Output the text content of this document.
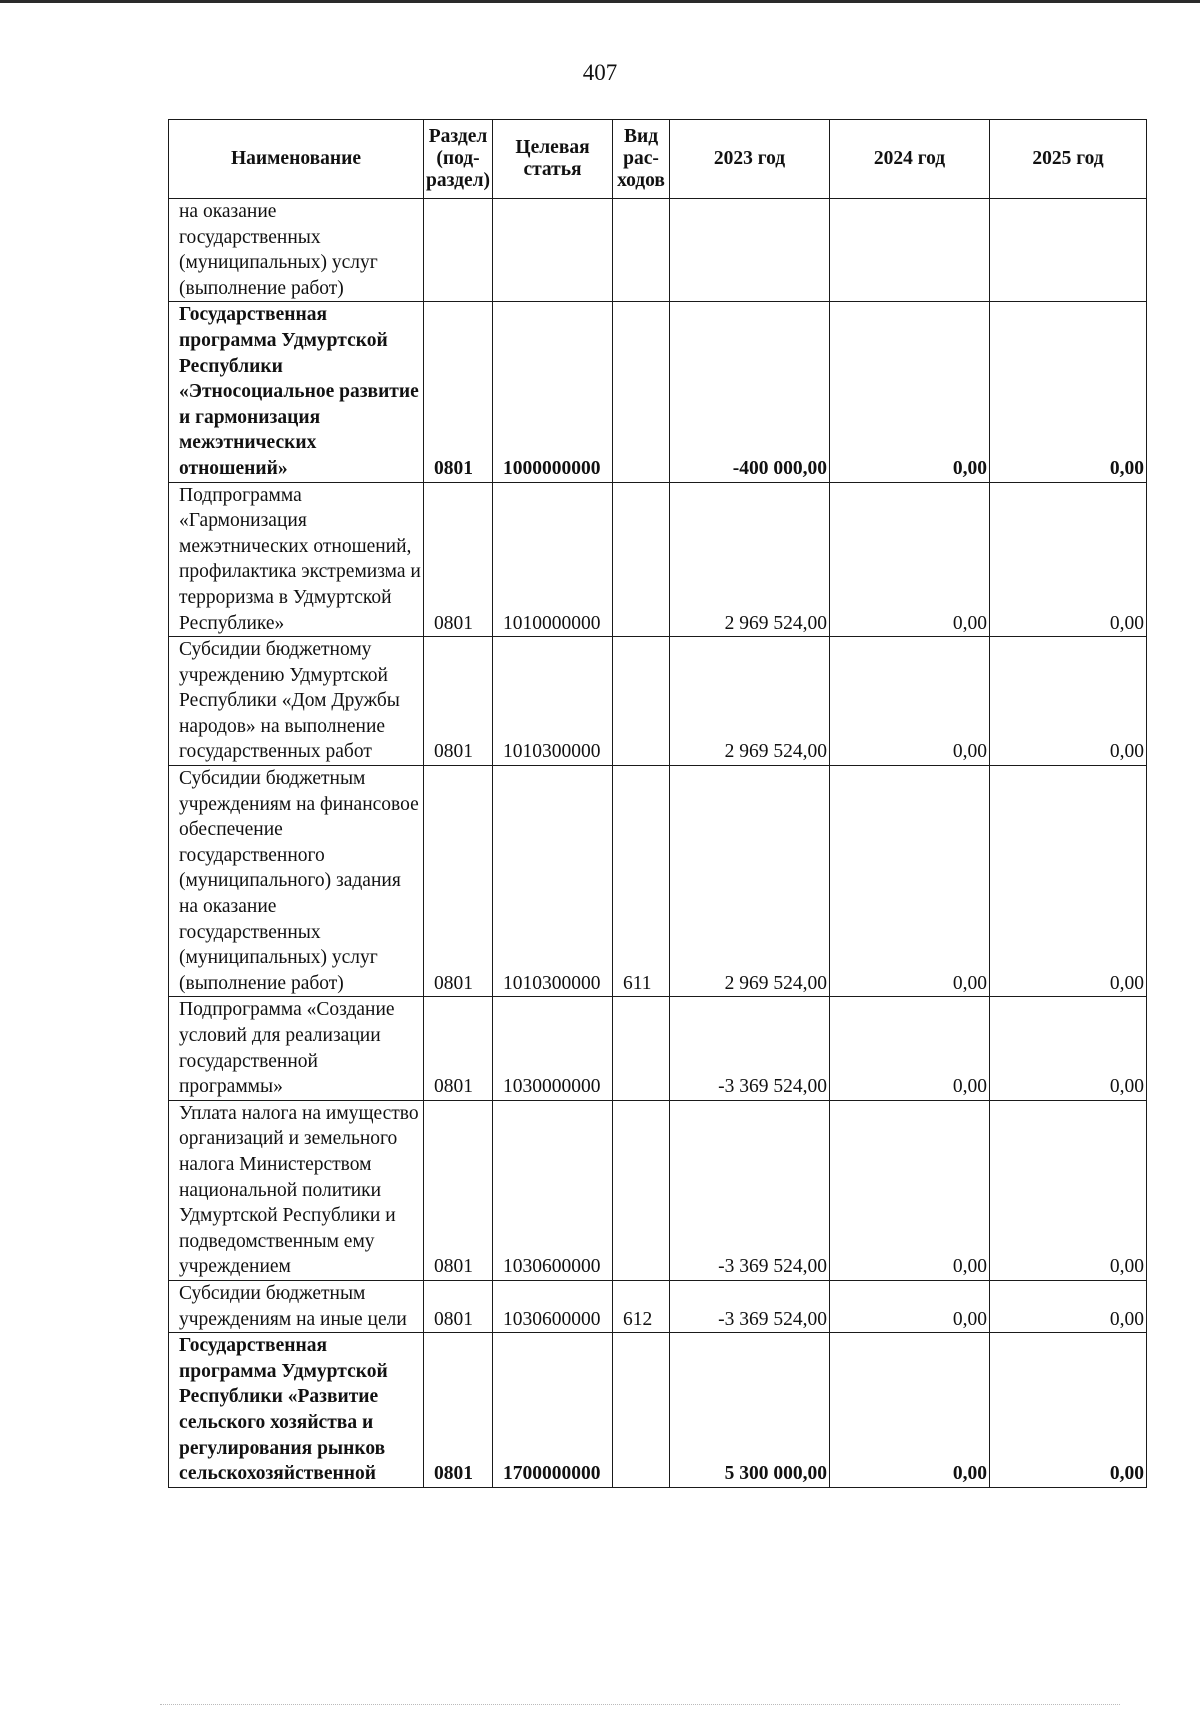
407
Наименование	Раздел (под-раздел)	Целевая статья	Вид рас-ходов	2023 год	2024 год	2025 год
на оказание государственных (муниципальных) услуг (выполнение работ)						
Государственная программа Удмуртской Республики «Этносоциальное развитие и гармонизация межэтнических отношений»	0801	1000000000		-400 000,00	0,00	0,00
Подпрограмма «Гармонизация межэтнических отношений, профилактика экстремизма и терроризма в Удмуртской Республике»	0801	1010000000		2 969 524,00	0,00	0,00
Субсидии бюджетному учреждению Удмуртской Республики «Дом Дружбы народов» на выполнение государственных работ	0801	1010300000		2 969 524,00	0,00	0,00
Субсидии бюджетным учреждениям на финансовое обеспечение государственного (муниципального) задания на оказание государственных (муниципальных) услуг (выполнение работ)	0801	1010300000	611	2 969 524,00	0,00	0,00
Подпрограмма «Создание условий для реализации государственной программы»	0801	1030000000		-3 369 524,00	0,00	0,00
Уплата налога на имущество организаций и земельного налога Министерством национальной политики Удмуртской Республики и подведомственным ему учреждением	0801	1030600000		-3 369 524,00	0,00	0,00
Субсидии бюджетным учреждениям на иные цели	0801	1030600000	612	-3 369 524,00	0,00	0,00
Государственная программа Удмуртской Республики «Развитие сельского хозяйства и регулирования рынков сельскохозяйственной	0801	1700000000		5 300 000,00	0,00	0,00
